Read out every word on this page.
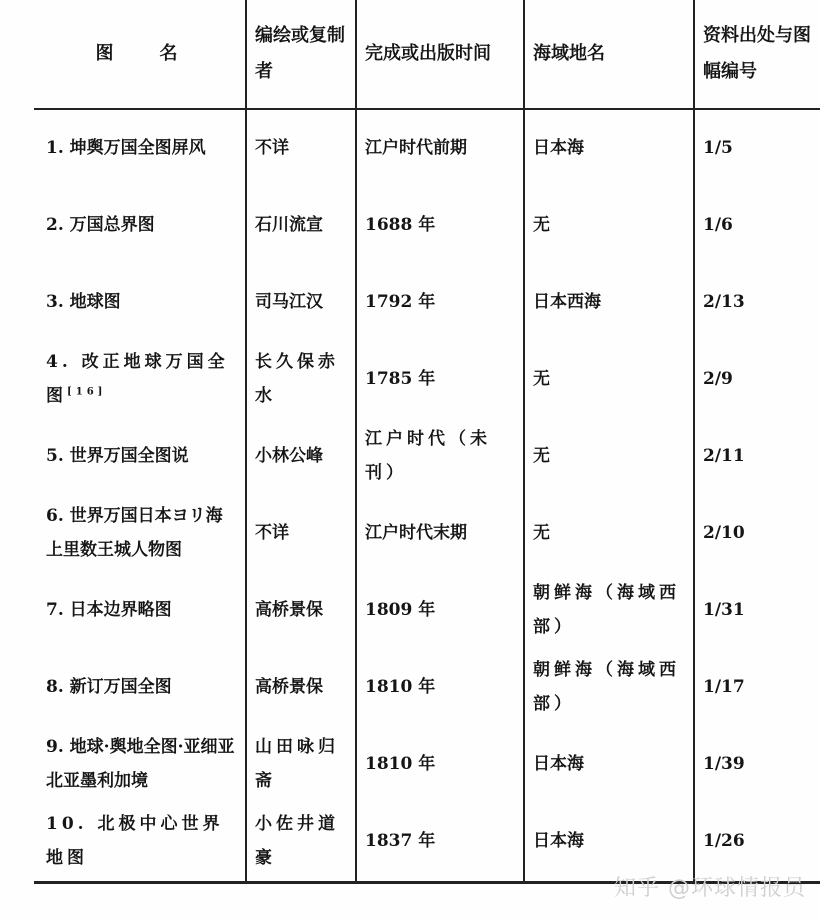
图名	编绘或复制者	完成或出版时间	海域地名	资料出处与图幅编号
1. 坤舆万国全图屏风	不详	江户时代前期	日本海	1/5
2. 万国总界图	石川流宣	1688 年	无	1/6
3. 地球图	司马江汉	1792 年	日本西海	2/13
4. 改正地球万国全图[16]	长久保赤水	1785 年	无	2/9
5. 世界万国全图说	小林公峰	江户时代（未刊）	无	2/11
6. 世界万国日本ヨリ海上里数王城人物图	不详	江户时代末期	无	2/10
7. 日本边界略图	高桥景保	1809 年	朝鲜海（海域西部）	1/31
8. 新订万国全图	高桥景保	1810 年	朝鲜海（海域西部）	1/17
9. 地球·舆地全图·亚细亚北亚墨利加境	山田咏归斋	1810 年	日本海	1/39
10. 北极中心世界地图	小佐井道豪	1837 年	日本海	1/26
知乎 @环球情报员
